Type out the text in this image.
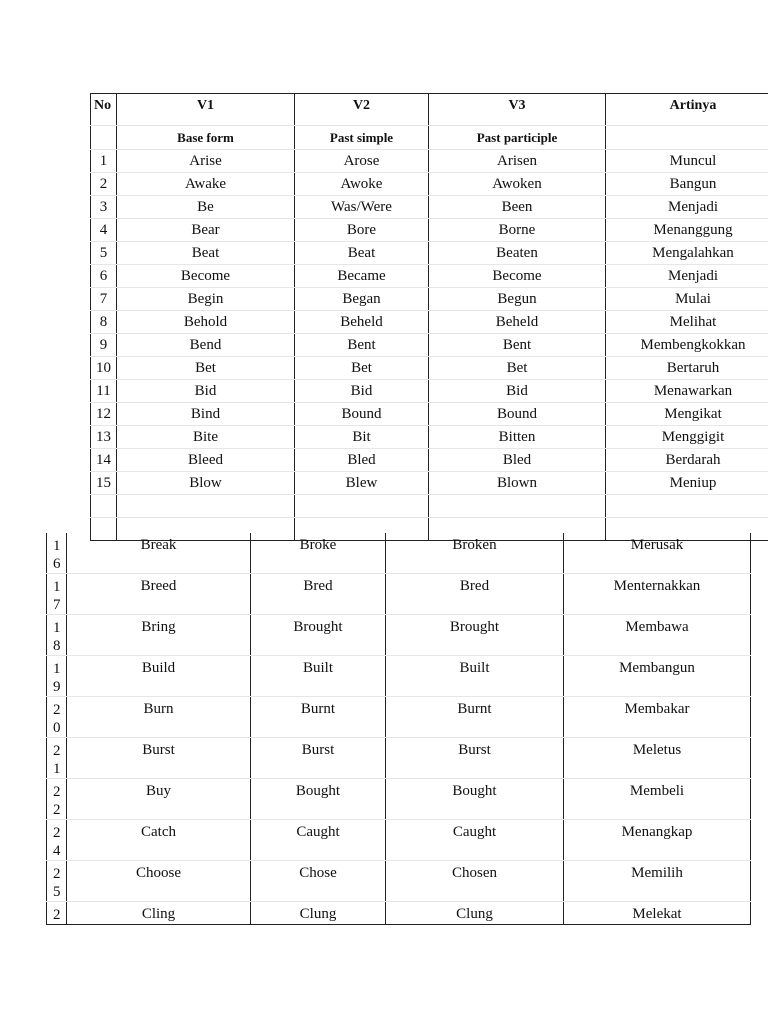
No	V1	V2	V3	Artinya
	Base form	Past simple	Past participle	
1	Arise	Arose	Arisen	Muncul
2	Awake	Awoke	Awoken	Bangun
3	Be	Was/Were	Been	Menjadi
4	Bear	Bore	Borne	Menanggung
5	Beat	Beat	Beaten	Mengalahkan
6	Become	Became	Become	Menjadi
7	Begin	Began	Begun	Mulai
8	Behold	Beheld	Beheld	Melihat
9	Bend	Bent	Bent	Membengkokkan
10	Bet	Bet	Bet	Bertaruh
11	Bid	Bid	Bid	Menawarkan
12	Bind	Bound	Bound	Mengikat
13	Bite	Bit	Bitten	Menggigit
14	Bleed	Bled	Bled	Berdarah
15	Blow	Blew	Blown	Meniup

16	Break	Broke	Broken	Merusak
17	Breed	Bred	Bred	Menternakkan
18	Bring	Brought	Brought	Membawa
19	Build	Built	Built	Membangun
20	Burn	Burnt	Burnt	Membakar
21	Burst	Burst	Burst	Meletus
22	Buy	Bought	Bought	Membeli
24	Catch	Caught	Caught	Menangkap
25	Choose	Chose	Chosen	Memilih
2	Cling	Clung	Clung	Melekat
